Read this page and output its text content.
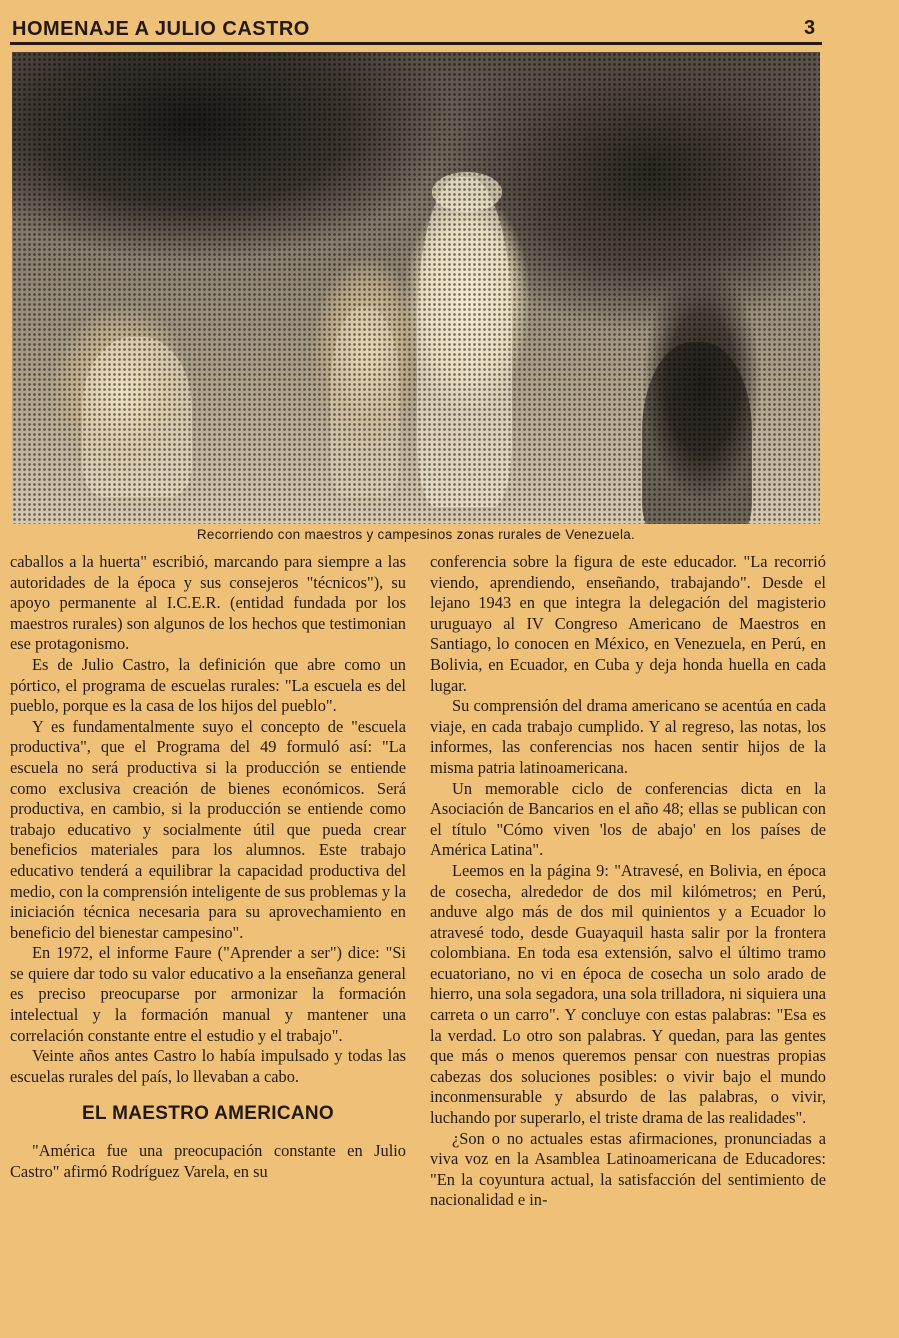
HOMENAJE A JULIO CASTRO	3
Recorriendo con maestros y campesinos zonas rurales de Venezuela.

caballos a la huerta" escribió, marcando para siempre a las autoridades de la época y sus consejeros "técnicos"), su apoyo permanente al I.C.E.R. (entidad fundada por los maestros rurales) son algunos de los hechos que testimonian ese protagonismo.

Es de Julio Castro, la definición que abre como un pórtico, el programa de escuelas rurales: "La escuela es del pueblo, porque es la casa de los hijos del pueblo".

Y es fundamentalmente suyo el concepto de "escuela productiva", que el Programa del 49 formuló así: "La escuela no será productiva si la producción se entiende como exclusiva creación de bienes económicos. Será productiva, en cambio, si la producción se entiende como trabajo educativo y socialmente útil que pueda crear beneficios materiales para los alumnos. Este trabajo educativo tenderá a equilibrar la capacidad productiva del medio, con la comprensión inteligente de sus problemas y la iniciación técnica necesaria para su aprovechamiento en beneficio del bienestar campesino".

En 1972, el informe Faure ("Aprender a ser") dice: "Si se quiere dar todo su valor educativo a la enseñanza general es preciso preocuparse por armonizar la formación intelectual y la formación manual y mantener una correlación constante entre el estudio y el trabajo".

Veinte años antes Castro lo había impulsado y todas las escuelas rurales del país, lo llevaban a cabo.

EL MAESTRO AMERICANO

"América fue una preocupación constante en Julio Castro" afirmó Rodríguez Varela, en su

conferencia sobre la figura de este educador. "La recorrió viendo, aprendiendo, enseñando, trabajando". Desde el lejano 1943 en que integra la delegación del magisterio uruguayo al IV Congreso Americano de Maestros en Santiago, lo conocen en México, en Venezuela, en Perú, en Bolivia, en Ecuador, en Cuba y deja honda huella en cada lugar.

Su comprensión del drama americano se acentúa en cada viaje, en cada trabajo cumplido. Y al regreso, las notas, los informes, las conferencias nos hacen sentir hijos de la misma patria latinoamericana.

Un memorable ciclo de conferencias dicta en la Asociación de Bancarios en el año 48; ellas se publican con el título "Cómo viven 'los de abajo' en los países de América Latina".

Leemos en la página 9: "Atravesé, en Bolivia, en época de cosecha, alrededor de dos mil kilómetros; en Perú, anduve algo más de dos mil quinientos y a Ecuador lo atravesé todo, desde Guayaquil hasta salir por la frontera colombiana. En toda esa extensión, salvo el último tramo ecuatoriano, no vi en época de cosecha un solo arado de hierro, una sola segadora, una sola trilladora, ni siquiera una carreta o un carro". Y concluye con estas palabras: "Esa es la verdad. Lo otro son palabras. Y quedan, para las gentes que más o menos queremos pensar con nuestras propias cabezas dos soluciones posibles: o vivir bajo el mundo inconmensurable y absurdo de las palabras, o vivir, luchando por superarlo, el triste drama de las realidades".

¿Son o no actuales estas afirmaciones, pronunciadas a viva voz en la Asamblea Latinoamericana de Educadores: "En la coyuntura actual, la satisfacción del sentimiento de nacionalidad e in-
